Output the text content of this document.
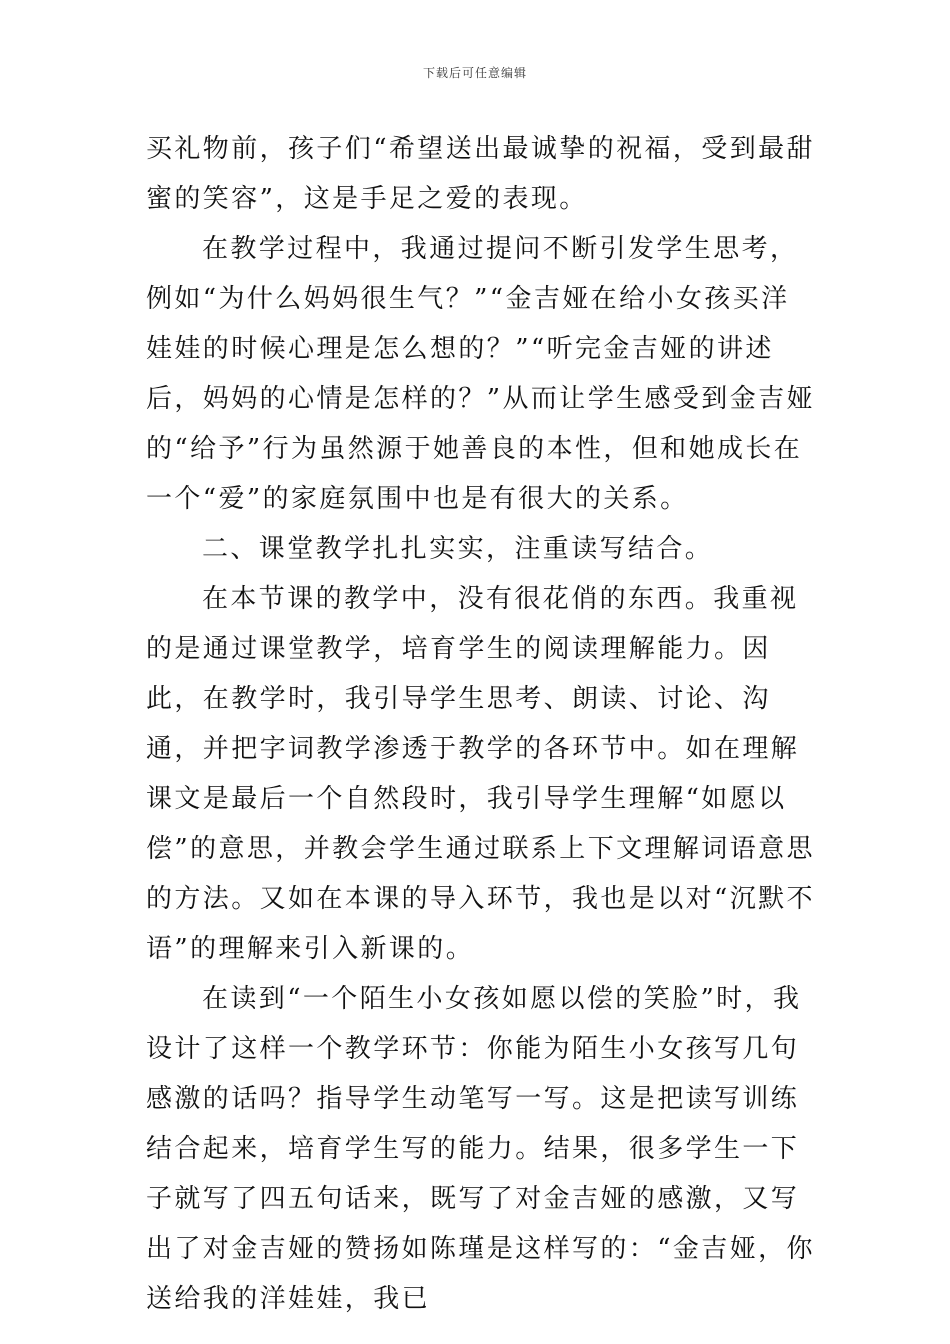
下载后可任意编辑

买礼物前，孩子们“希望送出最诚挚的祝福，受到最甜蜜的笑容”，这是手足之爱的表现。

在教学过程中，我通过提问不断引发学生思考，例如“为什么妈妈很生气？”“金吉娅在给小女孩买洋娃娃的时候心理是怎么想的？”“听完金吉娅的讲述后，妈妈的心情是怎样的？”从而让学生感受到金吉娅的“给予”行为虽然源于她善良的本性，但和她成长在一个“爱”的家庭氛围中也是有很大的关系。

二、课堂教学扎扎实实，注重读写结合。

在本节课的教学中，没有很花俏的东西。我重视的是通过课堂教学，培育学生的阅读理解能力。因此，在教学时，我引导学生思考、朗读、讨论、沟通，并把字词教学渗透于教学的各环节中。如在理解课文是最后一个自然段时，我引导学生理解“如愿以偿”的意思，并教会学生通过联系上下文理解词语意思的方法。又如在本课的导入环节，我也是以对“沉默不语”的理解来引入新课的。

在读到“一个陌生小女孩如愿以偿的笑脸”时，我设计了这样一个教学环节：你能为陌生小女孩写几句感激的话吗？指导学生动笔写一写。这是把读写训练结合起来，培育学生写的能力。结果，很多学生一下子就写了四五句话来，既写了对金吉娅的感激，又写出了对金吉娅的赞扬如陈瑾是这样写的：“金吉娅，你送给我的洋娃娃，我已
